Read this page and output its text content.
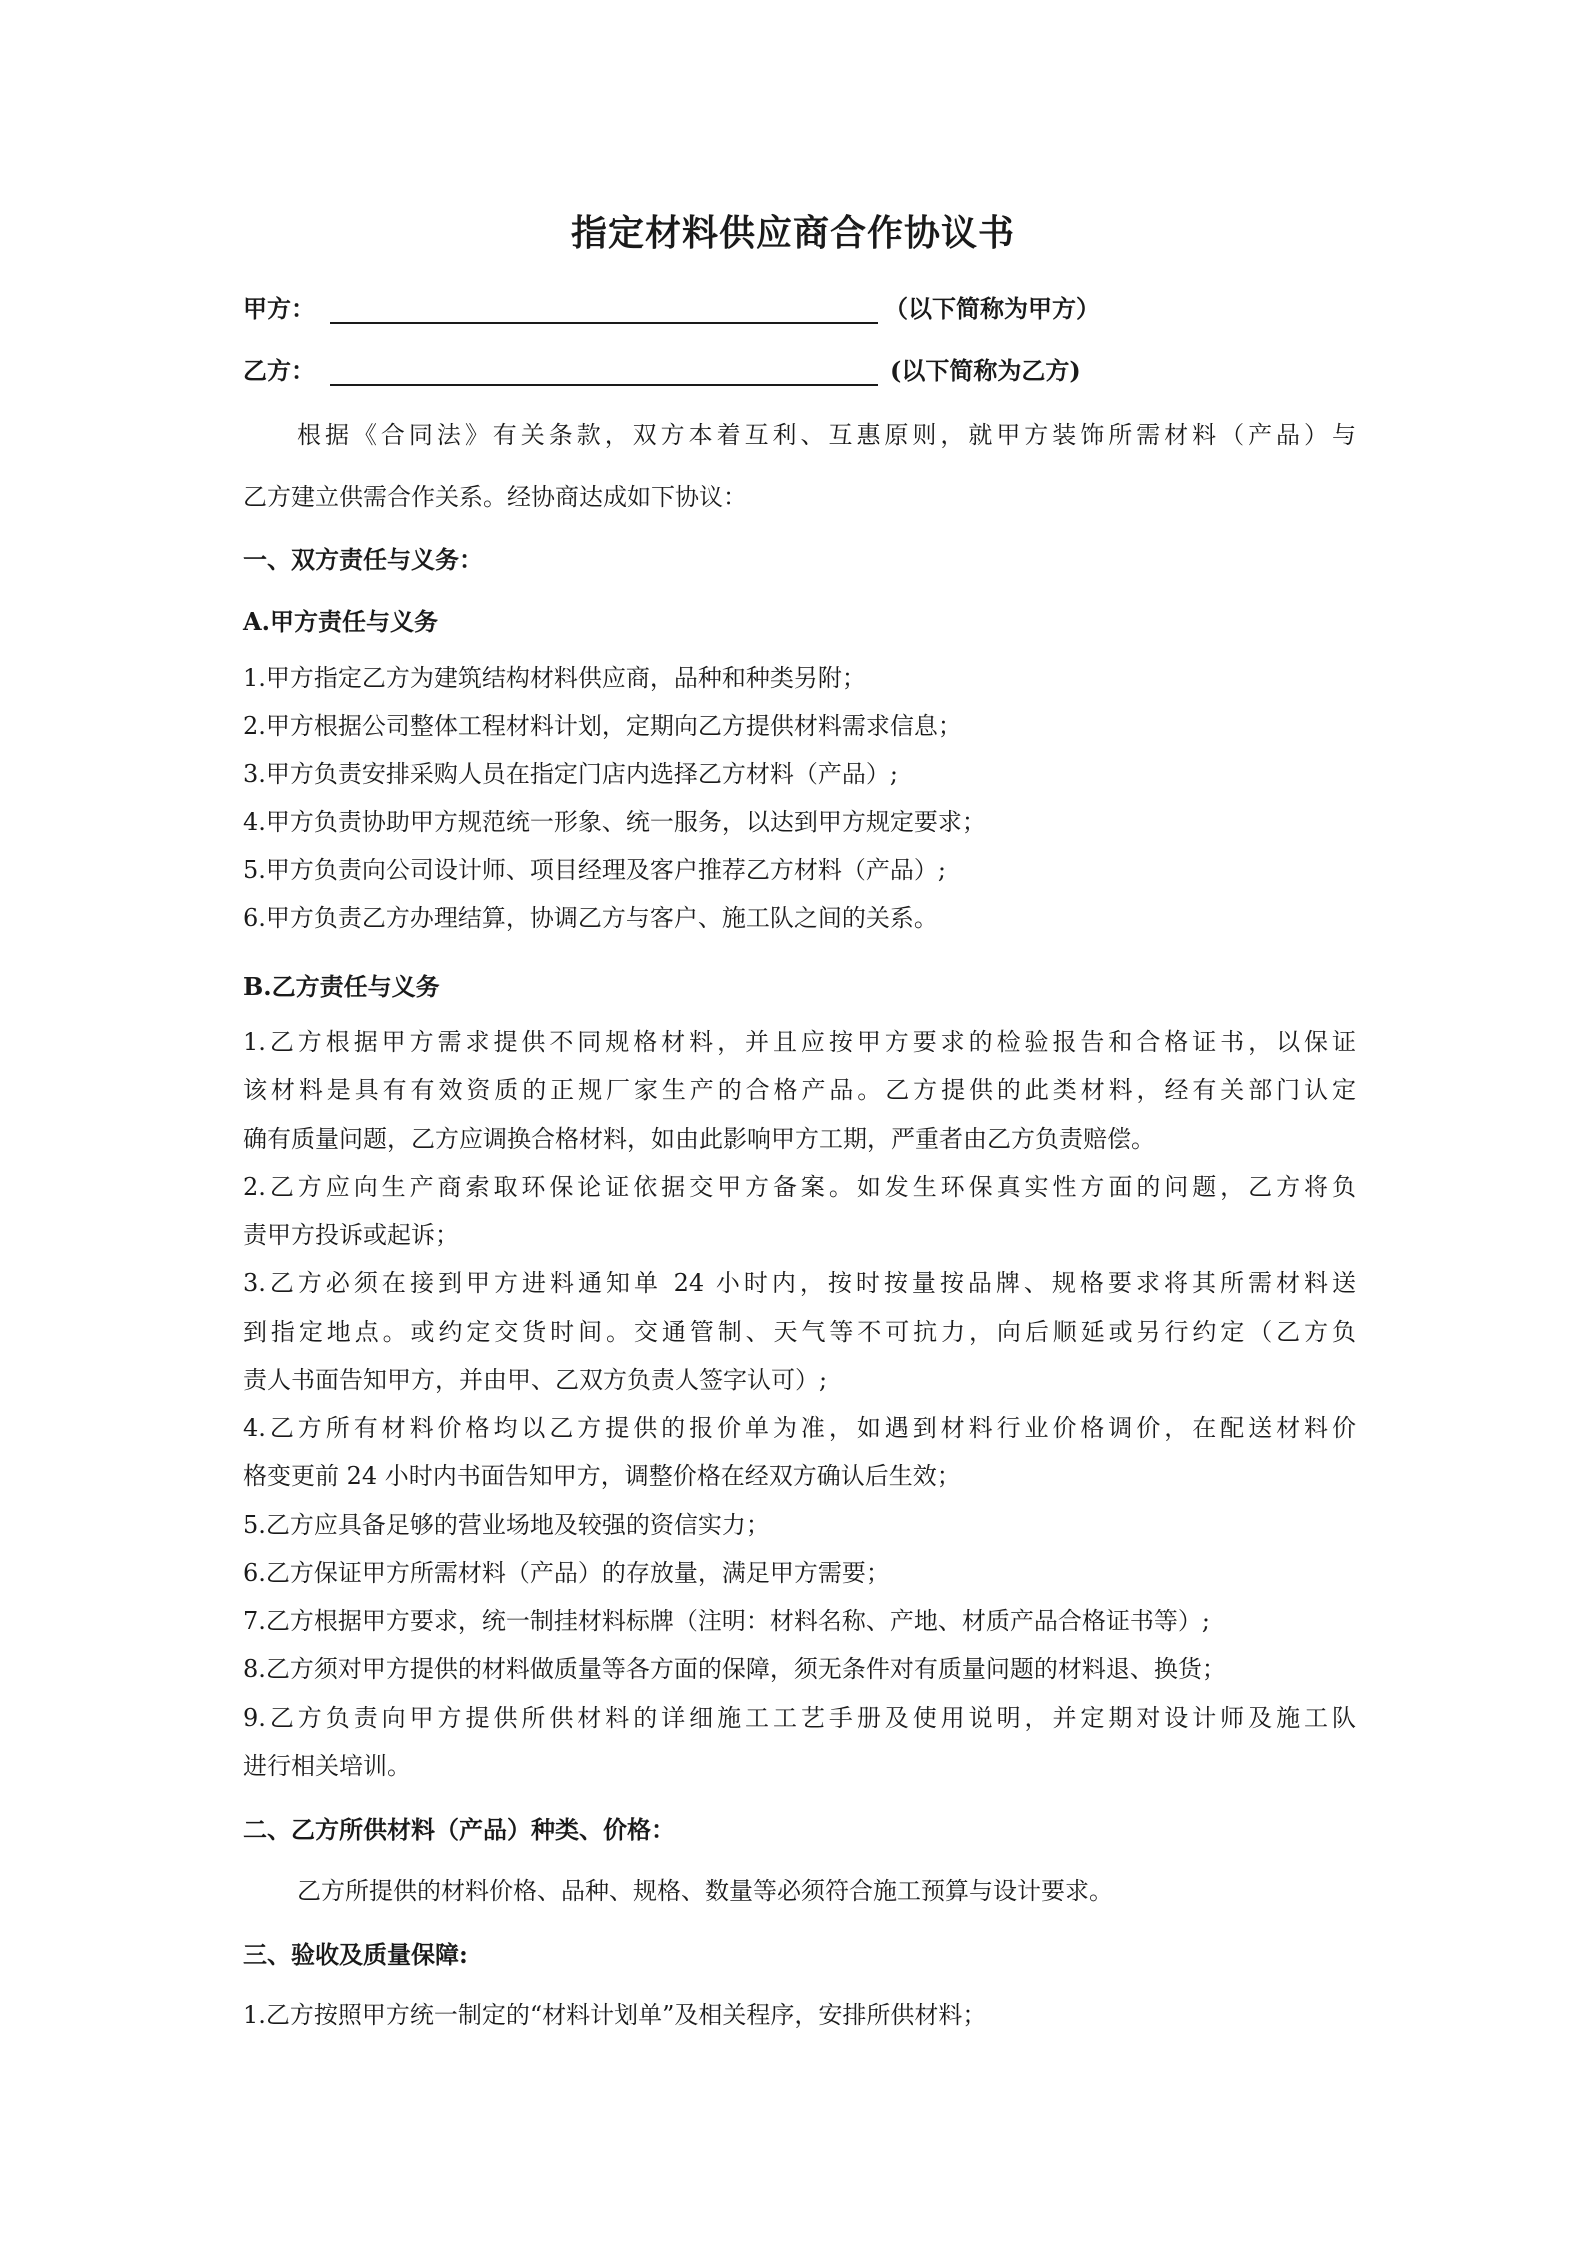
指定材料供应商合作协议书
甲方：	（以下简称为甲方）
乙方：	(以下简称为乙方)
根据《合同法》有关条款，双方本着互利、互惠原则，就甲方装饰所需材料（产品）与
乙方建立供需合作关系。经协商达成如下协议：
一、双方责任与义务：
A.甲方责任与义务
1.甲方指定乙方为建筑结构材料供应商，品种和种类另附；
2.甲方根据公司整体工程材料计划，定期向乙方提供材料需求信息；
3.甲方负责安排采购人员在指定门店内选择乙方材料（产品）;
4.甲方负责协助甲方规范统一形象、统一服务，以达到甲方规定要求；
5.甲方负责向公司设计师、项目经理及客户推荐乙方材料（产品）;
6.甲方负责乙方办理结算，协调乙方与客户、施工队之间的关系。
B.乙方责任与义务
1.乙方根据甲方需求提供不同规格材料，并且应按甲方要求的检验报告和合格证书，以保证
该材料是具有有效资质的正规厂家生产的合格产品。乙方提供的此类材料，经有关部门认定
确有质量问题，乙方应调换合格材料，如由此影响甲方工期，严重者由乙方负责赔偿。
2.乙方应向生产商索取环保论证依据交甲方备案。如发生环保真实性方面的问题，乙方将负
责甲方投诉或起诉；
3.乙方必须在接到甲方进料通知单 24 小时内，按时按量按品牌、规格要求将其所需材料送
到指定地点。或约定交货时间。交通管制、天气等不可抗力，向后顺延或另行约定（乙方负
责人书面告知甲方，并由甲、乙双方负责人签字认可）;
4.乙方所有材料价格均以乙方提供的报价单为准，如遇到材料行业价格调价，在配送材料价
格变更前 24 小时内书面告知甲方，调整价格在经双方确认后生效；
5.乙方应具备足够的营业场地及较强的资信实力；
6.乙方保证甲方所需材料（产品）的存放量，满足甲方需要；
7.乙方根据甲方要求，统一制挂材料标牌（注明：材料名称、产地、材质产品合格证书等）;
8.乙方须对甲方提供的材料做质量等各方面的保障，须无条件对有质量问题的材料退、换货；
9.乙方负责向甲方提供所供材料的详细施工工艺手册及使用说明，并定期对设计师及施工队
进行相关培训。
二、乙方所供材料（产品）种类、价格：
乙方所提供的材料价格、品种、规格、数量等必须符合施工预算与设计要求。
三、验收及质量保障:
1.乙方按照甲方统一制定的“材料计划单”及相关程序，安排所供材料；
